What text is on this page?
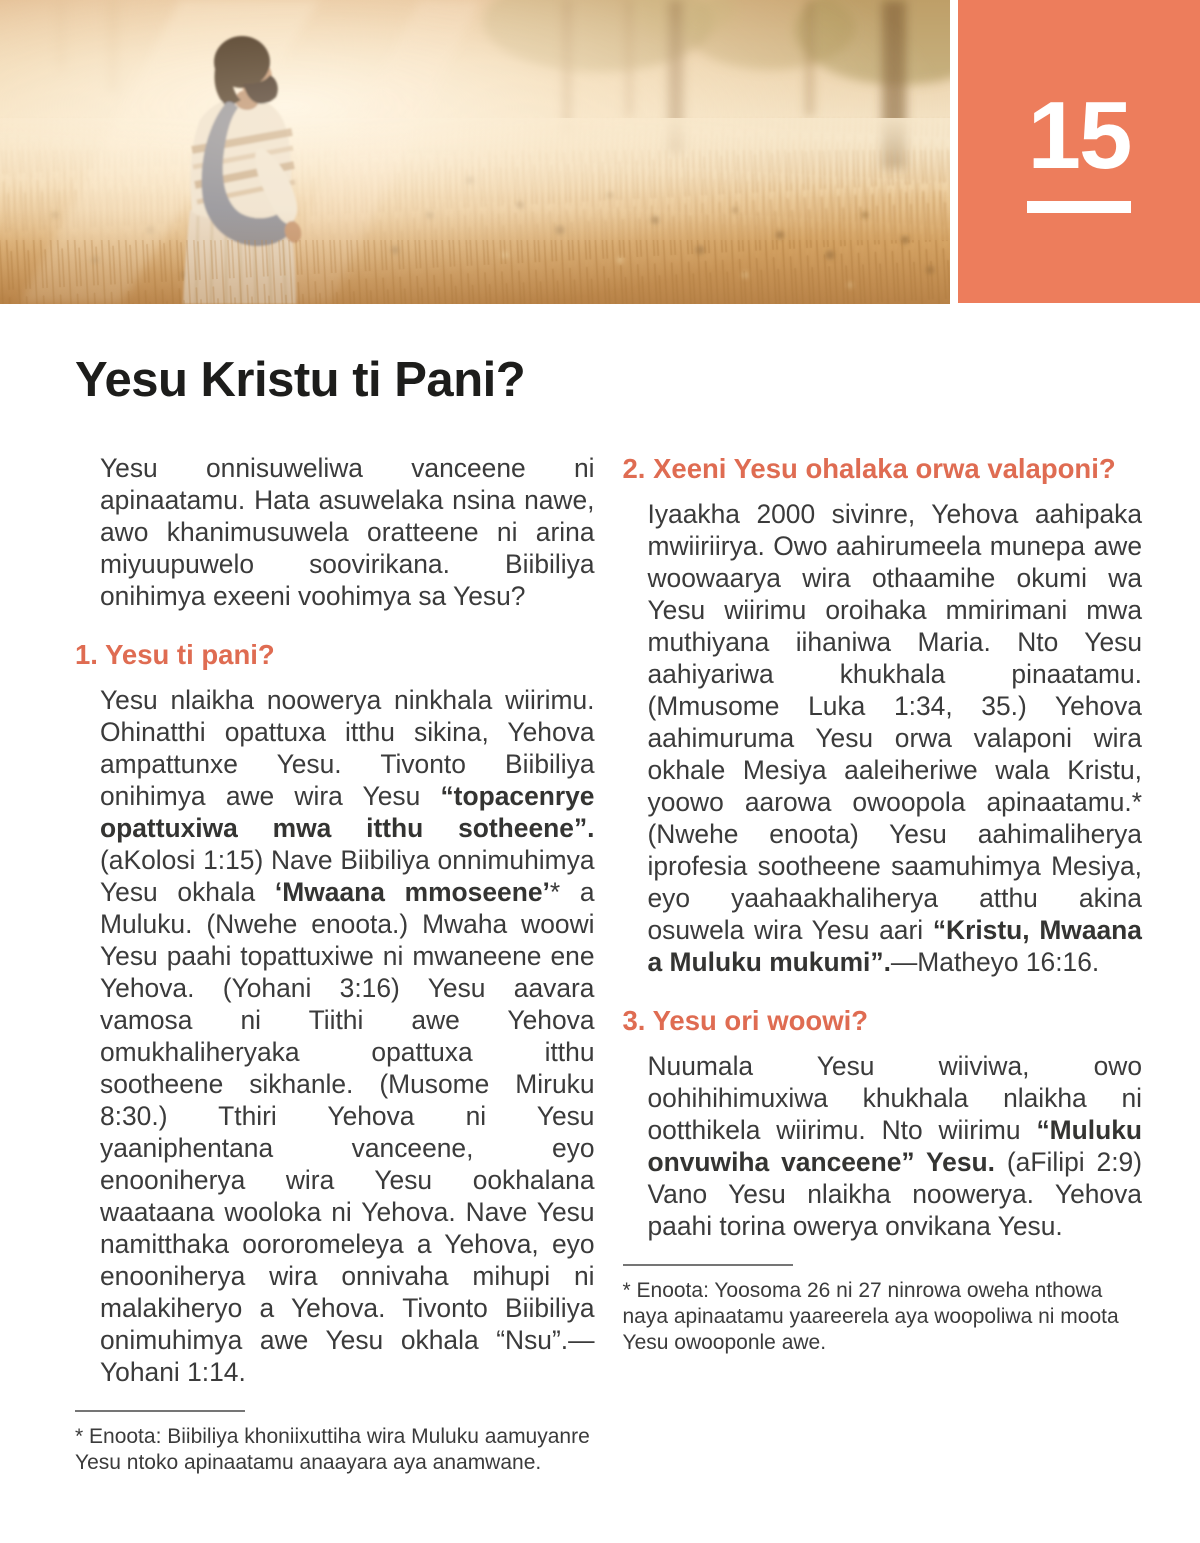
15
Yesu Kristu ti Pani?

Yesu onnisuweliwa vanceene ni apinaatamu. Hata asuwelaka nsina nawe, awo khanimusuwela oratteene ni arina miyuupuwelo soovirikana. Biibiliya onihimya exeeni voohimya sa Yesu?

1. Yesu ti pani?

Yesu nlaikha noowerya ninkhala wiirimu. Ohinatthi opattuxa itthu sikina, Yehova ampattunxe Yesu. Tivonto Biibiliya onihimya awe wira Yesu “topacenrye opattuxiwa mwa itthu sotheene”. (aKolosi 1:15) Nave Biibiliya onnimuhimya Yesu okhala ‘Mwaana mmoseene’* a Muluku. (Nwehe enoota.) Mwaha woowi Yesu paahi topattuxiwe ni mwaneene ene Yehova. (Yohani 3:16) Yesu aavara vamosa ni Tiithi awe Yehova omukhaliheryaka opattuxa itthu sootheene sikhanle. (Musome Miruku 8:30.) Tthiri Yehova ni Yesu yaaniphentana vanceene, eyo enooniherya wira Yesu ookhalana waataana wooloka ni Yehova. Nave Yesu namitthaka oororomeleya a Yehova, eyo enooniherya wira onnivaha mihupi ni malakiheryo a Yehova. Tivonto Biibiliya onimuhimya awe Yesu okhala “Nsu”.—Yohani 1:14.

* Enoota: Biibiliya khoniixuttiha wira Muluku aamuyanre Yesu ntoko apinaatamu anaayara aya anamwane.

2. Xeeni Yesu ohalaka orwa valaponi?

Iyaakha 2000 sivinre, Yehova aahipaka mwiiriirya. Owo aahirumeela munepa awe woowaarya wira othaamihe okumi wa Yesu wiirimu oroihaka mmirimani mwa muthiyana iihaniwa Maria. Nto Yesu aahiyariwa khukhala pinaatamu. (Mmusome Luka 1:34, 35.) Yehova aahimuruma Yesu orwa valaponi wira okhale Mesiya aaleiheriwe wala Kristu, yoowo aarowa owoopola apinaatamu.* (Nwehe enoota) Yesu aahimaliherya iprofesia sootheene saamuhimya Mesiya, eyo yaahaakhaliherya atthu akina osuwela wira Yesu aari “Kristu, Mwaana a Muluku mukumi”.—Matheyo 16:16.

3. Yesu ori woowi?

Nuumala Yesu wiiviwa, owo oohihihimuxiwa khukhala nlaikha ni ootthikela wiirimu. Nto wiirimu “Muluku onvuwiha vanceene” Yesu. (aFilipi 2:9) Vano Yesu nlaikha noowerya. Yehova paahi torina owerya onvikana Yesu.

* Enoota: Yoosoma 26 ni 27 ninrowa oweha nthowa naya apinaatamu yaareerela aya woopoliwa ni moota Yesu owooponle awe.
